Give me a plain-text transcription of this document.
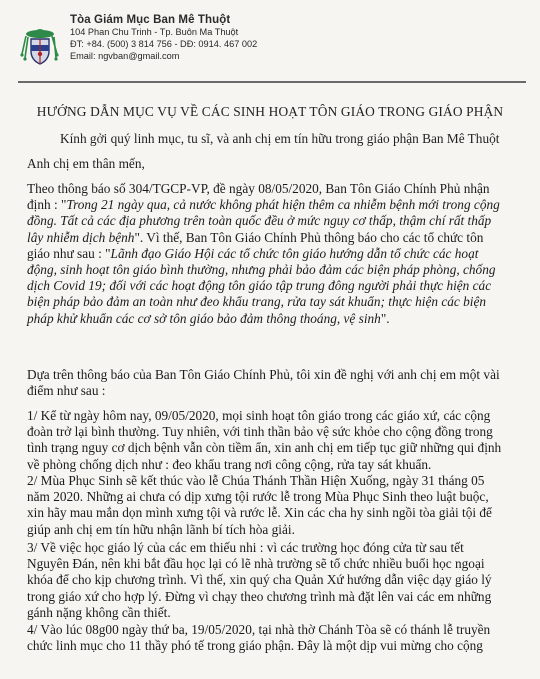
Tòa Giám Mục Ban Mê Thuột
104 Phan Chu Trinh - Tp. Buôn Ma Thuột
ĐT: +84. (500) 3 814 756 - DĐ: 0914. 467 002
Email: ngvban@gmail.com
HƯỚNG DẪN MỤC VỤ VỀ CÁC SINH HOẠT TÔN GIÁO TRONG GIÁO PHẬN
Kính gởi quý linh mục, tu sĩ, và anh chị em tín hữu trong giáo phận Ban Mê Thuột
Anh chị em thân mến,
Theo thông báo số 304/TGCP-VP, đề ngày 08/05/2020, Ban Tôn Giáo Chính Phủ nhận
định : "Trong 21 ngày qua, cả nước không phát hiện thêm ca nhiễm bệnh mới trong cộng
đồng. Tất cả các địa phương trên toàn quốc đều ở mức nguy cơ thấp, thậm chí rất thấp
lây nhiễm dịch bệnh". Vì thế, Ban Tôn Giáo Chính Phủ thông báo cho các tổ chức tôn
giáo như sau : "Lãnh đạo Giáo Hội các tổ chức tôn giáo hướng dẫn tổ chức các hoạt
động, sinh hoạt tôn giáo bình thường, nhưng phải bảo đảm các biện pháp phòng, chống
dịch Covid 19; đối với các hoạt động tôn giáo tập trung đông người phải thực hiện các
biện pháp bảo đảm an toàn như đeo khẩu trang, rửa tay sát khuẩn; thực hiện các biện
pháp khử khuẩn các cơ sở tôn giáo bảo đảm thông thoáng, vệ sinh".
Dựa trên thông báo của Ban Tôn Giáo Chính Phủ, tôi xin đề nghị với anh chị em một vài
điểm như sau :
1/ Kể từ ngày hôm nay, 09/05/2020, mọi sinh hoạt tôn giáo trong các giáo xứ, các cộng
đoàn trở lại bình thường. Tuy nhiên, với tinh thần bảo vệ sức khỏe cho cộng đồng trong
tình trạng nguy cơ dịch bệnh vẫn còn tiềm ẩn, xin anh chị em tiếp tục giữ những qui định
về phòng chống dịch như : đeo khẩu trang nơi công cộng, rửa tay sát khuẩn.
2/ Mùa Phục Sinh sẽ kết thúc vào lễ Chúa Thánh Thần Hiện Xuống, ngày 31 tháng 05
năm 2020. Những ai chưa có dịp xưng tội rước lễ trong Mùa Phục Sinh theo luật buộc,
xin hãy mau mắn dọn mình xưng tội và rước lễ. Xin các cha hy sinh ngồi tòa giải tội để
giúp anh chị em tín hữu nhận lãnh bí tích hòa giải.
3/ Về việc học giáo lý của các em thiếu nhi : vì các trường học đóng cửa từ sau tết
Nguyên Đán, nên khi bắt đầu học lại có lẽ nhà trường sẽ tổ chức nhiều buổi học ngoại
khóa để cho kịp chương trình. Vì thế, xin quý cha Quản Xứ hướng dẫn việc dạy giáo lý
trong giáo xứ cho hợp lý. Đừng vì chạy theo chương trình mà đặt lên vai các em những
gánh nặng không cần thiết.
4/ Vào lúc 08g00 ngày thứ ba, 19/05/2020, tại nhà thờ Chánh Tòa sẽ có thánh lễ truyền
chức linh mục cho 11 thầy phó tế trong giáo phận. Đây là một dịp vui mừng cho cộng
